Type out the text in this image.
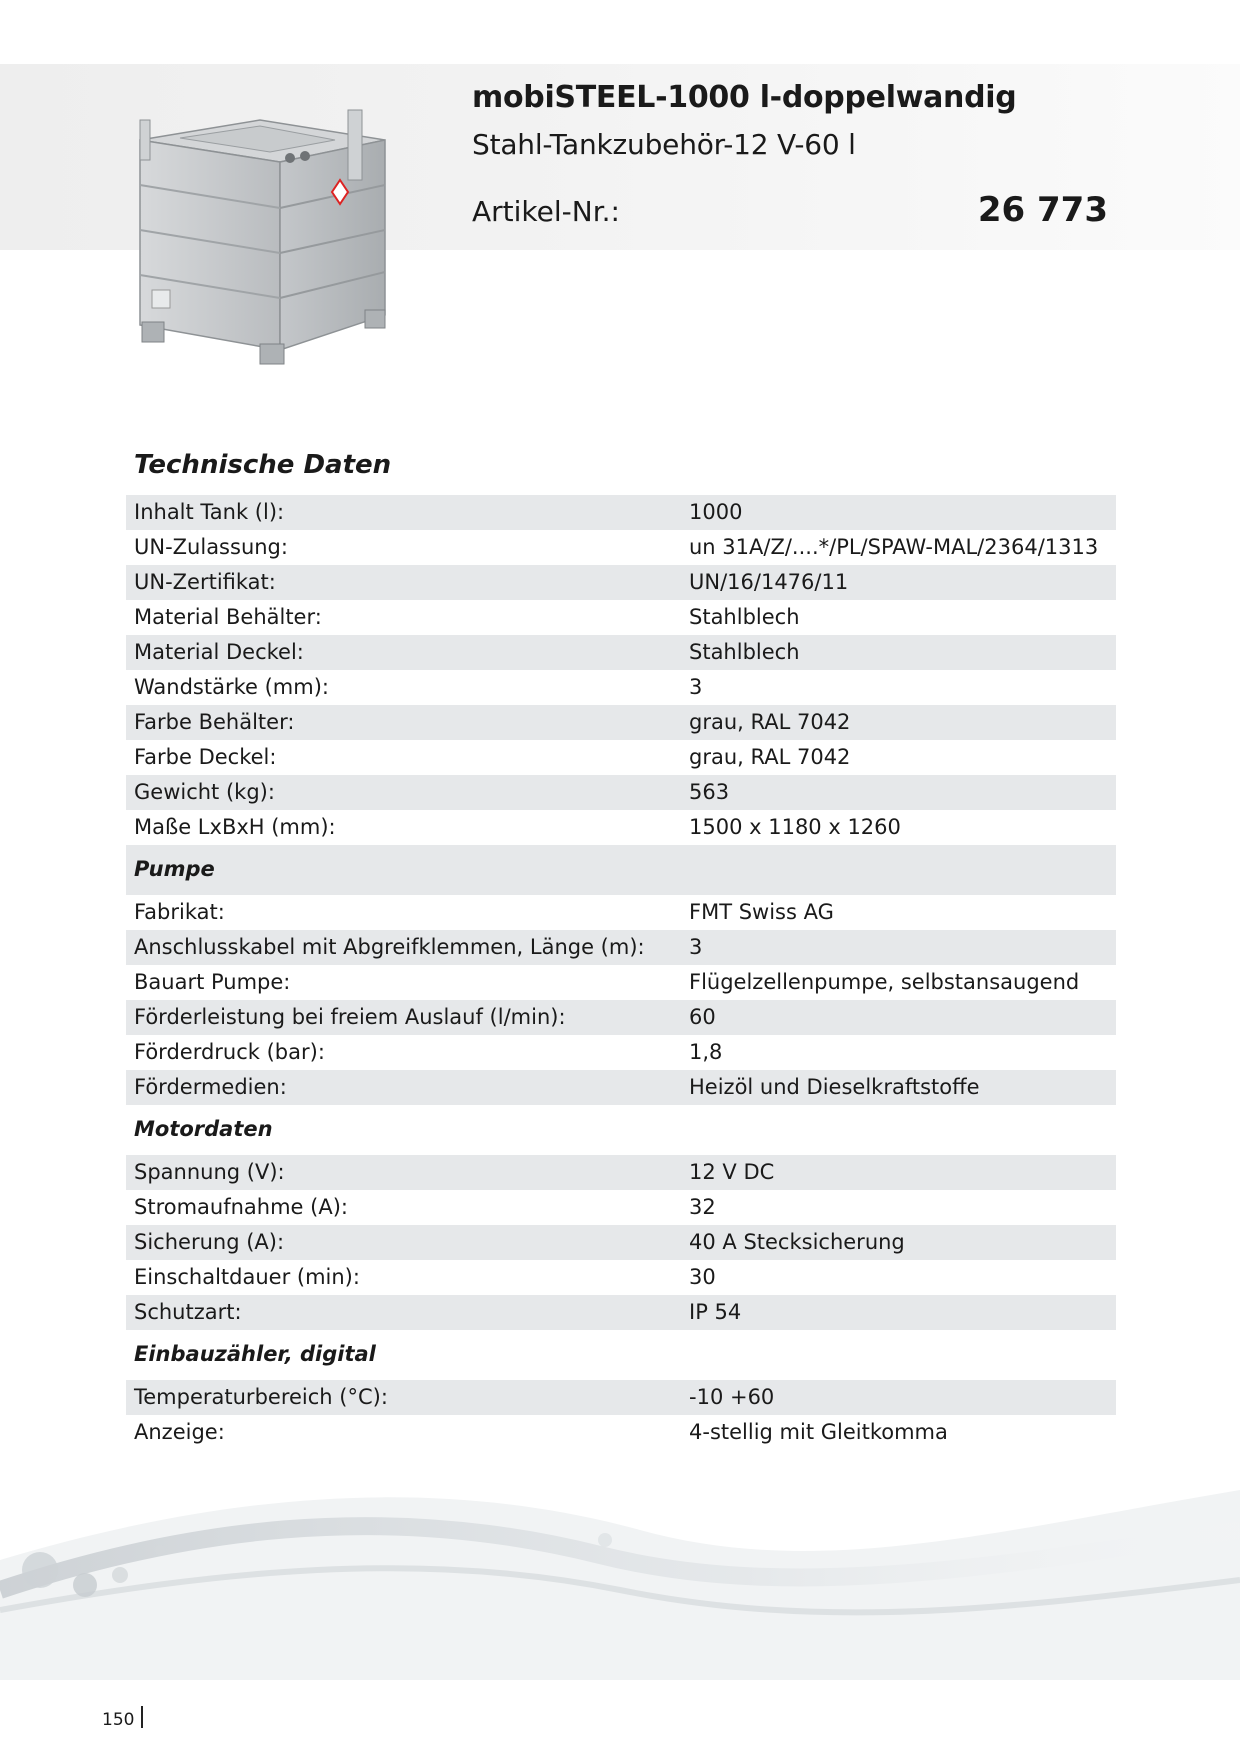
mobiSTEEL-1000 l-doppelwandig
Stahl-Tankzubehör-12 V-60 l
Artikel-Nr.:	26 773
Technische Daten
Inhalt Tank (l):	1000
UN-Zulassung:	un 31A/Z/....*/PL/SPAW-MAL/2364/1313
UN-Zertifikat:	UN/16/1476/11
Material Behälter:	Stahlblech
Material Deckel:	Stahlblech
Wandstärke (mm):	3
Farbe Behälter:	grau, RAL 7042
Farbe Deckel:	grau, RAL 7042
Gewicht (kg):	563
Maße LxBxH (mm):	1500 x 1180 x 1260
Pumpe
Fabrikat:	FMT Swiss AG
Anschlusskabel mit Abgreifklemmen, Länge (m): 3
Bauart Pumpe:	Flügelzellenpumpe, selbstansaugend
Förderleistung bei freiem Auslauf (l/min):	60
Förderdruck (bar):	1,8
Fördermedien:	Heizöl und Dieselkraftstoffe
Motordaten
Spannung (V):	12 V DC
Stromaufnahme (A):	32
Sicherung (A):	40 A Stecksicherung
Einschaltdauer (min):	30
Schutzart:	IP 54
Einbauzähler, digital
Temperaturbereich (°C):	-10 +60
Anzeige:	4-stellig mit Gleitkomma
150
